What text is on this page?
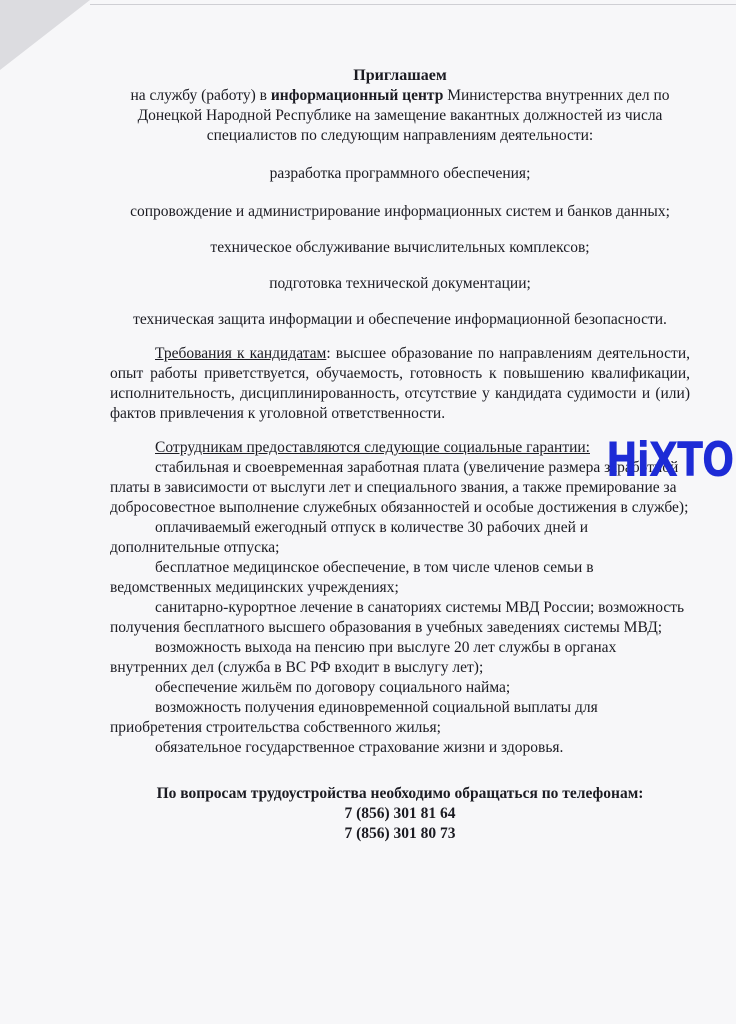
Приглашаем

на службу (работу) в информационный центр Министерства внутренних дел по Донецкой Народной Республике на замещение вакантных должностей из числа специалистов по следующим направлениям деятельности:

разработка программного обеспечения;

сопровождение и администрирование информационных систем и банков данных;

техническое обслуживание вычислительных комплексов;

подготовка технической документации;

техническая защита информации и обеспечение информационной безопасности.

Требования к кандидатам: высшее образование по направлениям деятельности, опыт работы приветствуется, обучаемость, готовность к повышению квалификации, исполнительность, дисциплинированность, отсутствие у кандидата судимости и (или) фактов привлечения к уголовной ответственности.

Сотрудникам предоставляются следующие социальные гарантии:

стабильная и своевременная заработная плата (увеличение размера заработной платы в зависимости от выслуги лет и специального звания, а также премирование за добросовестное выполнение служебных обязанностей и особые достижения в службе);

оплачиваемый ежегодный отпуск в количестве 30 рабочих дней и дополнительные отпуска;

бесплатное медицинское обеспечение, в том числе членов семьи в ведомственных медицинских учреждениях;

санитарно-курортное лечение в санаториях системы МВД России; возможность получения бесплатного высшего образования в учебных заведениях системы МВД;

возможность выхода на пенсию при выслуге 20 лет службы в органах внутренних дел (служба в ВС РФ входит в выслугу лет);

обеспечение жильём по договору социального найма;

возможность получения единовременной социальной выплаты для приобретения строительства собственного жилья;

обязательное государственное страхование жизни и здоровья.

По вопросам трудоустройства необходимо обращаться по телефонам:

7 (856) 301 81 64

7 (856) 301 80 73

HiXTO
